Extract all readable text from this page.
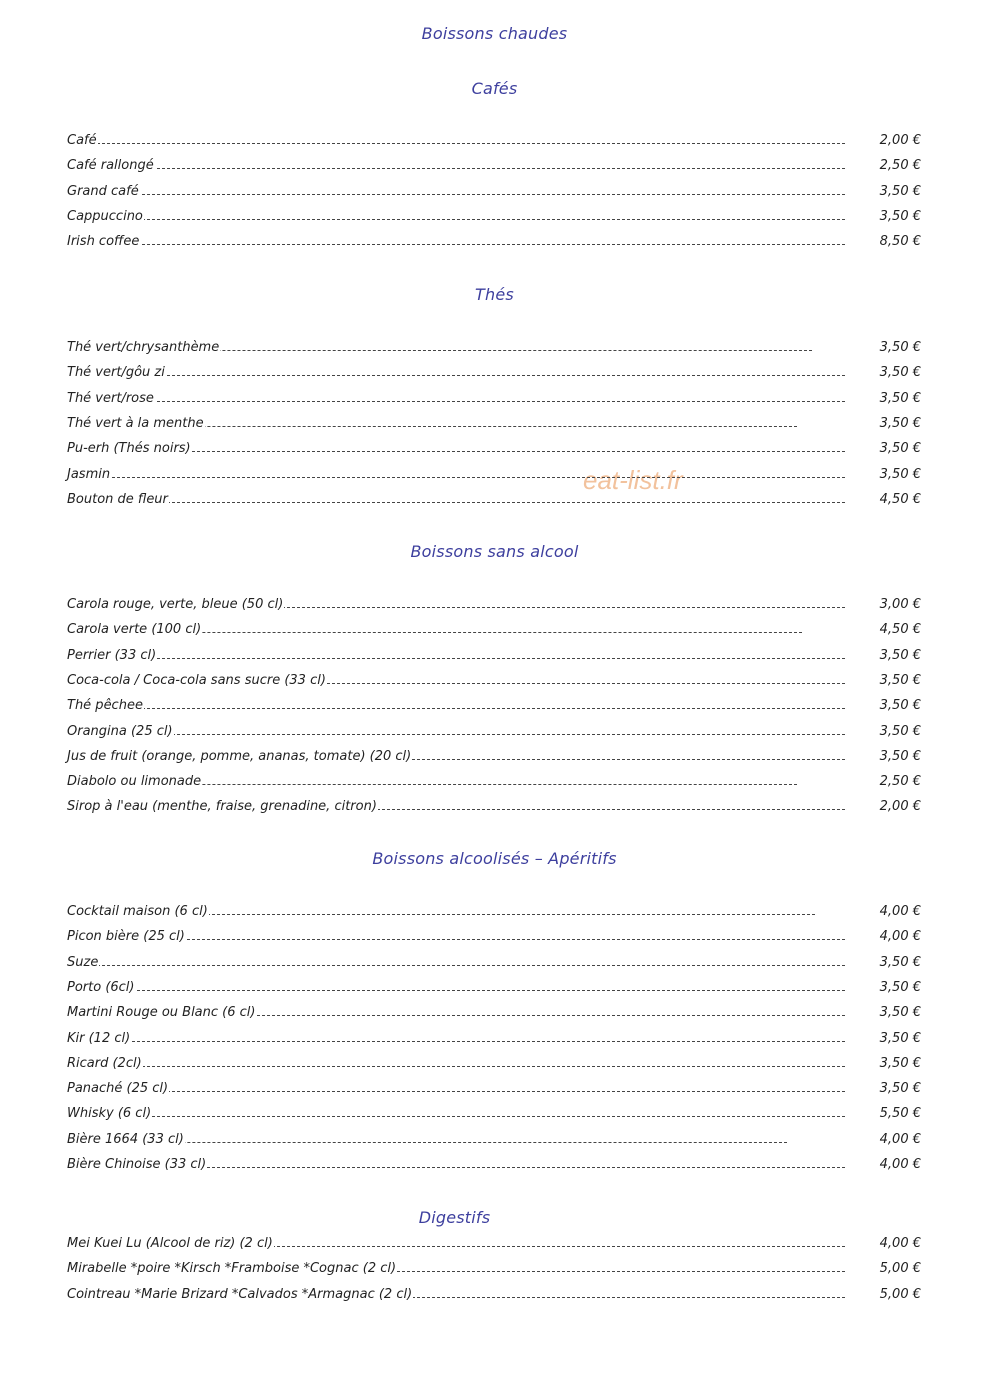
Boissons chaudes
Cafés
Café	2,00 €
Café rallongé	2,50 €
Grand café	3,50 €
Cappuccino	3,50 €
Irish coffee	8,50 €
Thés
Thé vert/chrysanthème	3,50 €
Thé vert/gôu zi	3,50 €
Thé vert/rose	3,50 €
Thé vert à la menthe	3,50 €
Pu-erh (Thés noirs)	3,50 €
Jasmin	3,50 €
Bouton de fleur	4,50 €
Boissons sans alcool
Carola rouge, verte, bleue (50 cl)	3,00 €
Carola verte (100 cl)	4,50 €
Perrier (33 cl)	3,50 €
Coca-cola / Coca-cola sans sucre (33 cl)	3,50 €
Thé pêchee	3,50 €
Orangina (25 cl)	3,50 €
Jus de fruit (orange, pomme, ananas, tomate) (20 cl)	3,50 €
Diabolo ou limonade	2,50 €
Sirop à l'eau (menthe, fraise, grenadine, citron)	2,00 €
Boissons alcoolisés – Apéritifs
Cocktail maison (6 cl)	4,00 €
Picon bière (25 cl)	4,00 €
Suze	3,50 €
Porto (6cl)	3,50 €
Martini Rouge ou Blanc (6 cl)	3,50 €
Kir (12 cl)	3,50 €
Ricard (2cl)	3,50 €
Panaché (25 cl)	3,50 €
Whisky (6 cl)	5,50 €
Bière 1664 (33 cl)	4,00 €
Bière Chinoise (33 cl)	4,00 €
Digestifs
Mei Kuei Lu (Alcool de riz) (2 cl)	4,00 €
Mirabelle *poire *Kirsch *Framboise *Cognac (2 cl)	5,00 €
Cointreau *Marie Brizard *Calvados *Armagnac (2 cl)	5,00 €
eat-list.fr
